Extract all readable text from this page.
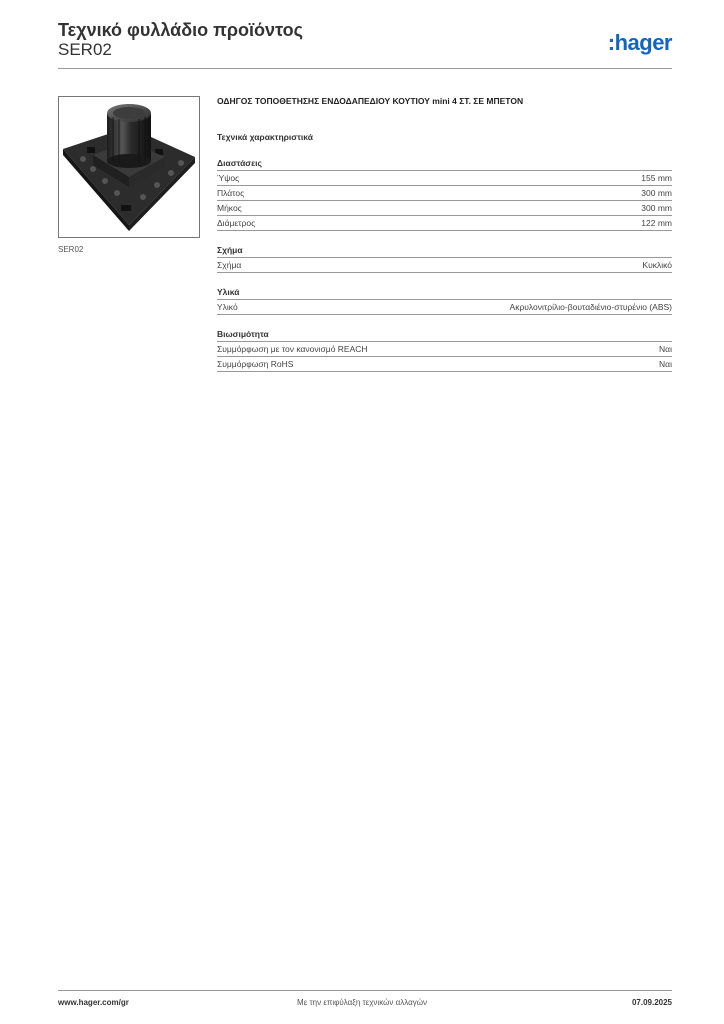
Τεχνικό φυλλάδιο προϊόντος
SER02	:hager
SER02
ΟΔΗΓΟΣ ΤΟΠΟΘΕΤΗΣΗΣ ΕΝΔΟΔΑΠΕΔΙΟΥ ΚΟΥΤΙΟΥ mini 4 ΣΤ. ΣΕ ΜΠΕΤΟΝ
Τεχνικά χαρακτηριστικά
Διαστάσεις
Ύψος	155 mm
Πλάτος	300 mm
Μήκος	300 mm
Διάμετρος	122 mm
Σχήμα
Σχήμα	Κυκλικό
Υλικά
Υλικό	Ακρυλονιτρίλιο-βουταδιένιο-στυρένιο (ABS)
Βιωσιμότητα
Συμμόρφωση με τον κανονισμό REACH	Ναι
Συμμόρφωση RoHS	Ναι
Με την επιφύλαξη τεχνικών αλλαγών
www.hager.com/gr	07.09.2025
